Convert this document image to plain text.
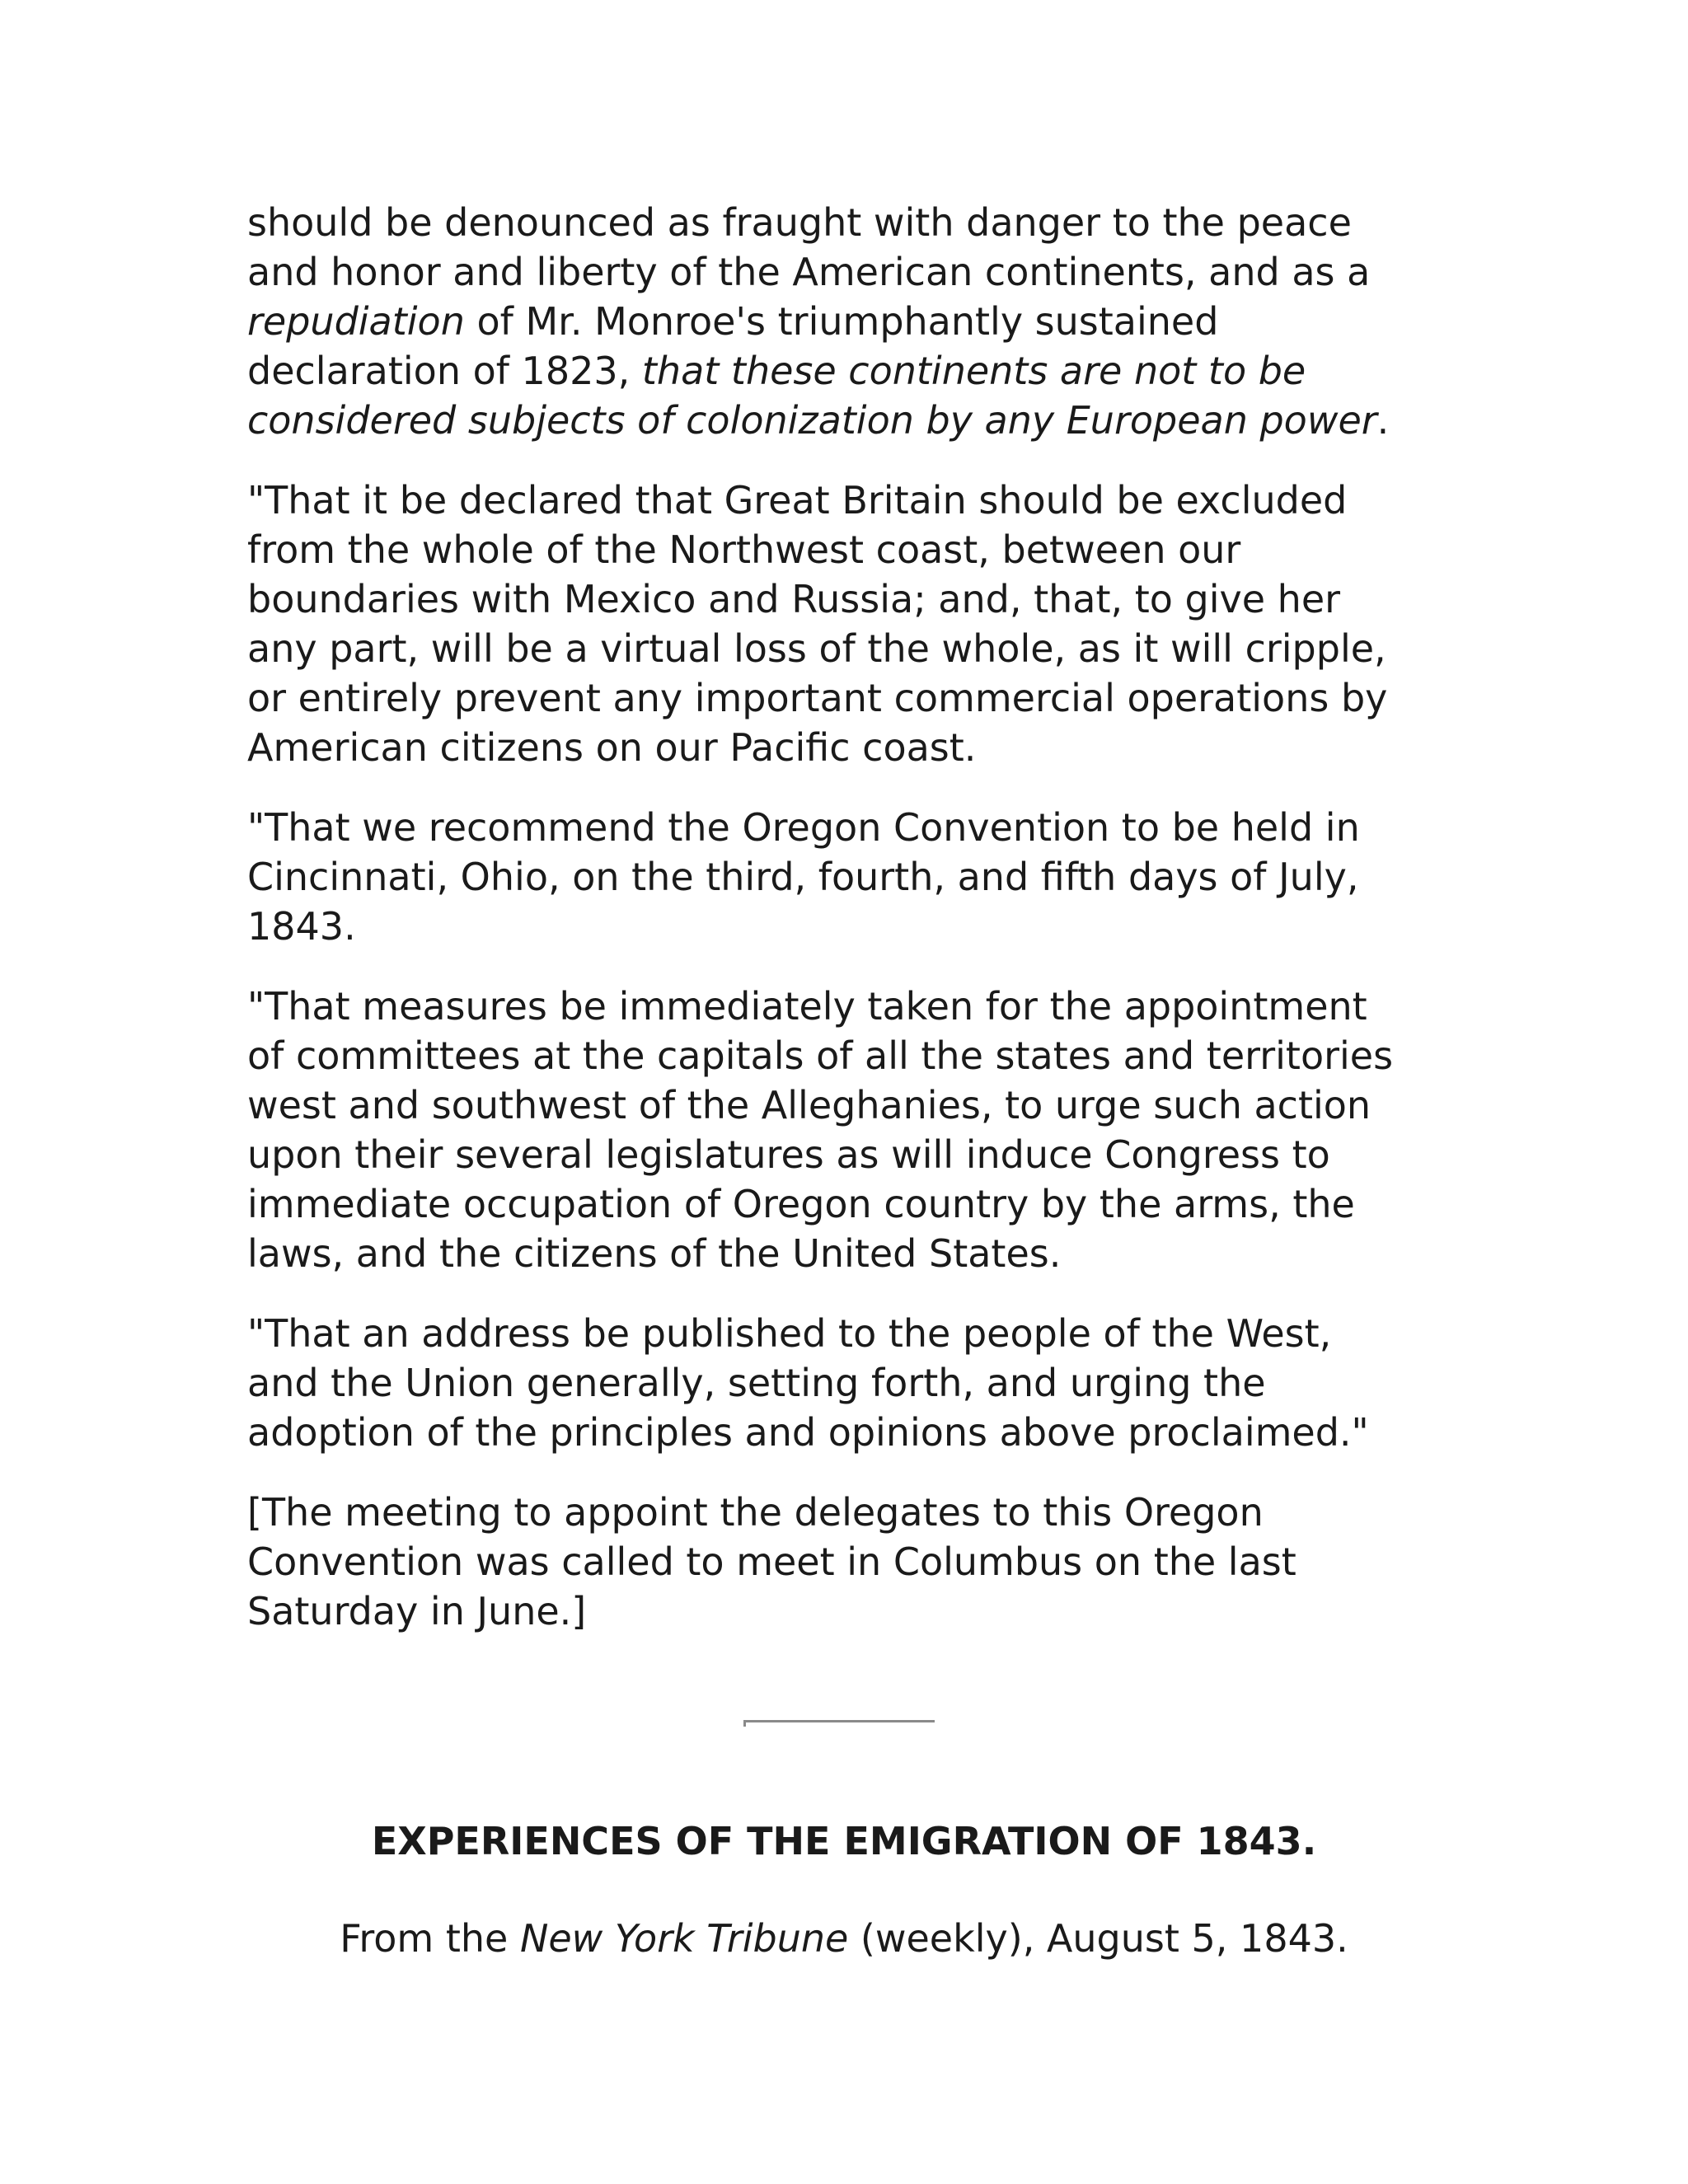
should be denounced as fraught with danger to the peace and honor and liberty of the American continents, and as a repudiation of Mr. Monroe's triumphantly sustained declaration of 1823, that these continents are not to be considered subjects of colonization by any European power.

"That it be declared that Great Britain should be excluded from the whole of the Northwest coast, between our boundaries with Mexico and Russia; and, that, to give her any part, will be a virtual loss of the whole, as it will cripple, or entirely prevent any important commercial operations by American citizens on our Pacific coast.

"That we recommend the Oregon Convention to be held in Cincinnati, Ohio, on the third, fourth, and fifth days of July, 1843.

"That measures be immediately taken for the appointment of committees at the capitals of all the states and territories west and southwest of the Alleghanies, to urge such action upon their several legislatures as will induce Congress to immediate occupation of Oregon country by the arms, the laws, and the citizens of the United States.

"That an address be published to the people of the West, and the Union generally, setting forth, and urging the adoption of the principles and opinions above proclaimed."

[The meeting to appoint the delegates to this Oregon Convention was called to meet in Columbus on the last Saturday in June.]

EXPERIENCES OF THE EMIGRATION OF 1843.

From the New York Tribune (weekly), August 5, 1843.
